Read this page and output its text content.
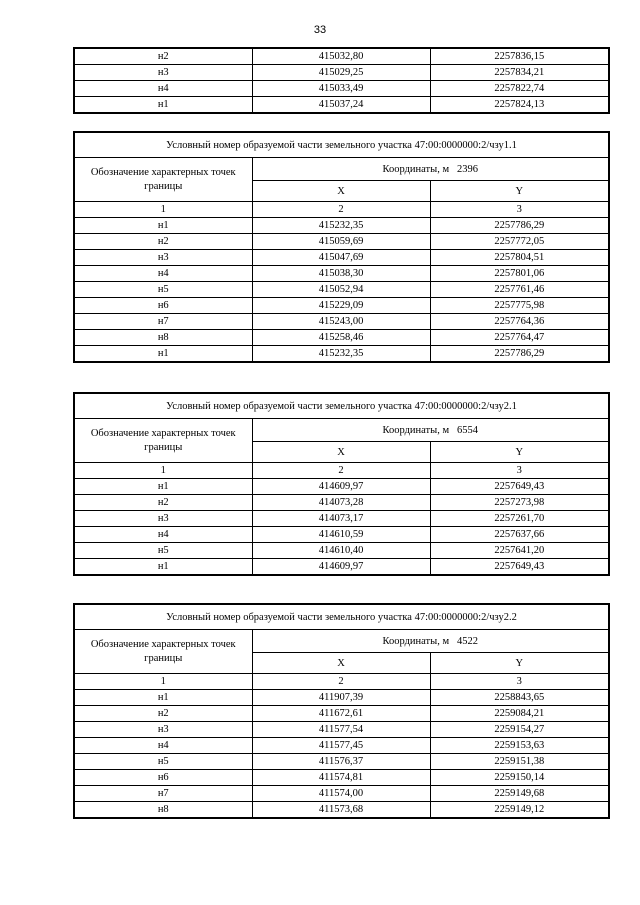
33
н2	415032,80	2257836,15
н3	415029,25	2257834,21
н4	415033,49	2257822,74
н1	415037,24	2257824,13
Условный номер образуемой части земельного участка 47:00:0000000:2/чзу1.1		
Обозначение характерных точек границы	Координаты, м 2396	
	X	Y
1	2	3
н1	415232,35	2257786,29
н2	415059,69	2257772,05
н3	415047,69	2257804,51
н4	415038,30	2257801,06
н5	415052,94	2257761,46
н6	415229,09	2257775,98
н7	415243,00	2257764,36
н8	415258,46	2257764,47
н1	415232,35	2257786,29
Условный номер образуемой части земельного участка 47:00:0000000:2/чзу2.1		
Обозначение характерных точек границы	Координаты, м 6554	
	X	Y
1	2	3
н1	414609,97	2257649,43
н2	414073,28	2257273,98
н3	414073,17	2257261,70
н4	414610,59	2257637,66
н5	414610,40	2257641,20
н1	414609,97	2257649,43
Условный номер образуемой части земельного участка 47:00:0000000:2/чзу2.2		
Обозначение характерных точек границы	Координаты, м 4522	
	X	Y
1	2	3
н1	411907,39	2258843,65
н2	411672,61	2259084,21
н3	411577,54	2259154,27
н4	411577,45	2259153,63
н5	411576,37	2259151,38
н6	411574,81	2259150,14
н7	411574,00	2259149,68
н8	411573,68	2259149,12
